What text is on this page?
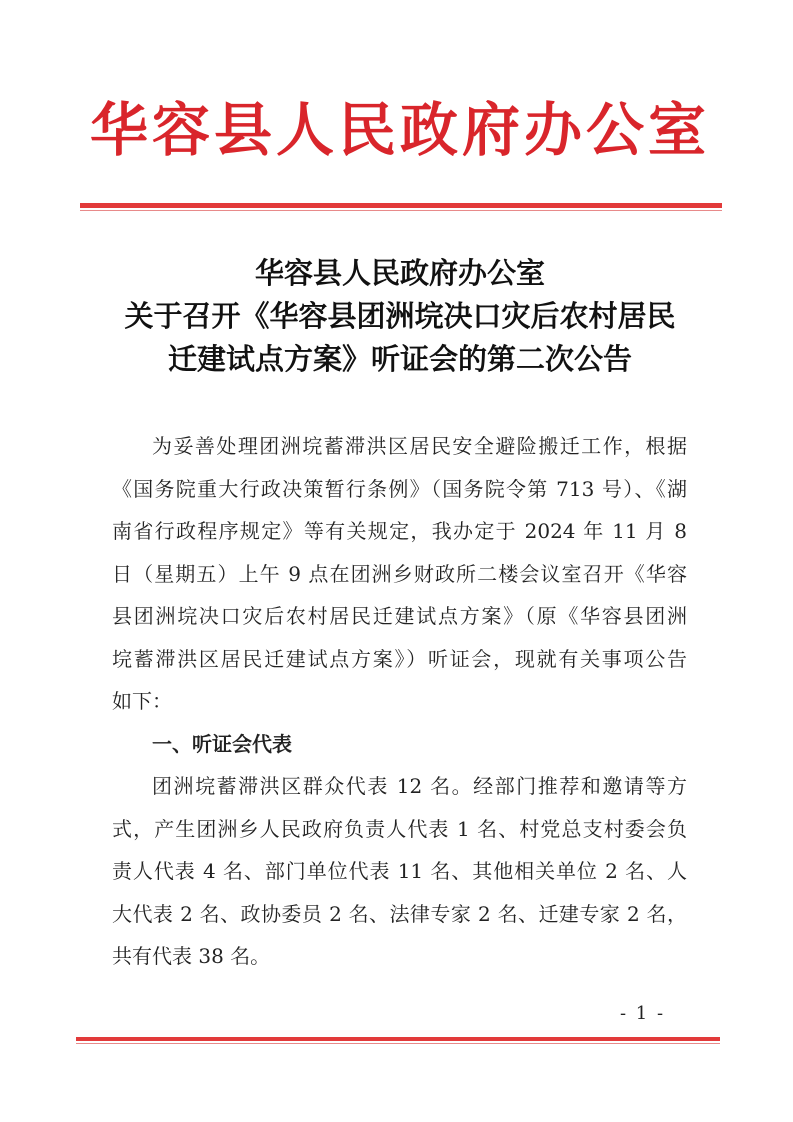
华容县人民政府办公室
华容县人民政府办公室
关于召开《华容县团洲垸决口灾后农村居民
迁建试点方案》听证会的第二次公告
为妥善处理团洲垸蓄滞洪区居民安全避险搬迁工作，根据
《国务院重大行政决策暂行条例》（国务院令第 713 号）、《湖
南省行政程序规定》等有关规定，我办定于 2024 年 11 月 8
日（星期五）上午 9 点在团洲乡财政所二楼会议室召开《华容
县团洲垸决口灾后农村居民迁建试点方案》（原《华容县团洲
垸蓄滞洪区居民迁建试点方案》）听证会，现就有关事项公告
如下：
一、听证会代表
团洲垸蓄滞洪区群众代表 12 名。经部门推荐和邀请等方
式，产生团洲乡人民政府负责人代表 1 名、村党总支村委会负
责人代表 4 名、部门单位代表 11 名、其他相关单位 2 名、人
大代表 2 名、政协委员 2 名、法律专家 2 名、迁建专家 2 名，
共有代表 38 名。
- 1 -
